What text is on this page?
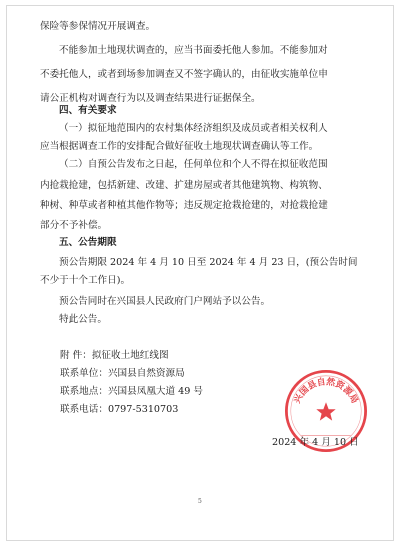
保险等参保情况开展调查。

不能参加土地现状调查的，应当书面委托他人参加。不能参加对

不委托他人，或者到场参加调查又不签字确认的，由征收实施单位申

请公正机构对调查行为以及调查结果进行证据保全。

四、有关要求

（一）拟征地范围内的农村集体经济组织及成员或者相关权利人

应当根据调查工作的安排配合做好征收土地现状调查确认等工作。

（二）自预公告发布之日起，任何单位和个人不得在拟征收范围

内抢栽抢建，包括新建、改建、扩建房屋或者其他建筑物、构筑物、

种树、种草或者种植其他作物等；违反规定抢栽抢建的，对抢栽抢建

部分不予补偿。

五、公告期限

预公告期限 2024 年 4 月 10 日至 2024 年 4 月 23 日，(预公告时间

不少于十个工作日)。

预公告同时在兴国县人民政府门户网站予以公告。

特此公告。

附 件：拟征收土地红线图
联系单位：兴国县自然资源局
联系地点：兴国县凤凰大道 49 号
联系电话：0797-5310703
兴国县自然资源局
2024 年 4 月 10 日
5
